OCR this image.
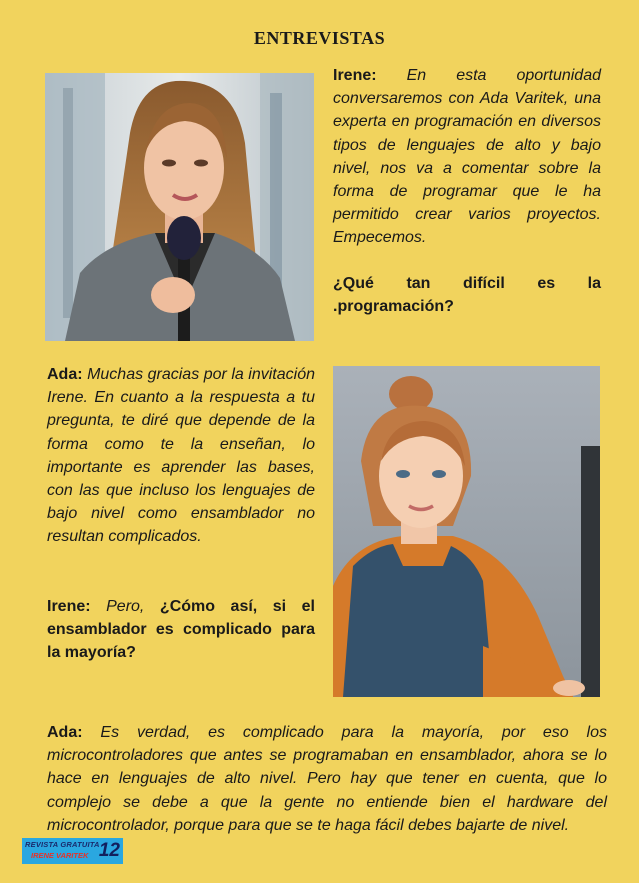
ENTREVISTAS
Irene: En esta oportunidad conversaremos con Ada Varitek, una experta en programación en diversos tipos de lenguajes de alto y bajo nivel, nos va a comentar sobre la forma de programar que le ha permitido crear varios proyectos. Empecemos.
¿Qué tan difícil es la .programación?
Ada: Muchas gracias por la invitación Irene. En cuanto a la respuesta a tu pregunta, te diré que depende de la forma como te la enseñan, lo importante es aprender las bases, con las que incluso los lenguajes de bajo nivel como ensamblador no resultan complicados.
Irene: Pero, ¿Cómo así, si el ensamblador es complicado para la mayoría?
Ada: Es verdad, es complicado para la mayoría, por eso los microcontroladores que antes se programaban en ensamblador, ahora se lo hace en lenguajes de alto nivel. Pero hay que tener en cuenta, que lo complejo se debe a que la gente no entiende bien el hardware del microcontrolador, porque para que se te haga fácil debes bajarte de nivel.
REVISTA GRATUITA
IRENE VARITEK 12
